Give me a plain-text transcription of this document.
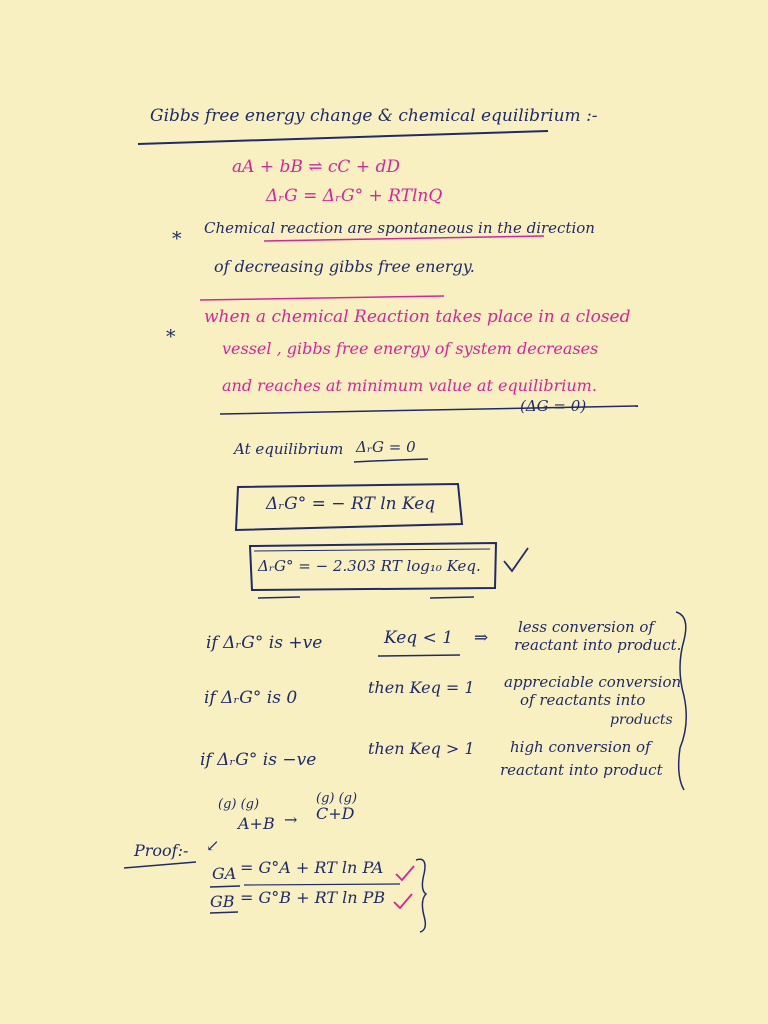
Gibbs free energy change & chemical equilibrium :-
aA + bB ⇌ cC + dD
ΔᵣG = ΔᵣG° + RTlnQ
* Chemical reaction are spontaneous in the direction
of decreasing gibbs free energy.
*
when a chemical Reaction takes place in a closed
vessel , gibbs free energy of system decreases
and reaches at minimum value at equilibrium.
(ΔG = 0)
At equilibrium ΔᵣG = 0
ΔᵣG° = − RT ln Keq
ΔᵣG° = − 2.303 RT log₁₀ Keq.
if ΔᵣG° is +ve	Keq < 1 ⇒
less conversion of
reactant into product.
if ΔᵣG° is 0
then Keq = 1 appreciable conversion
of reactants into
products
if ΔᵣG° is −ve
then Keq > 1 high conversion of
reactant into product
(g) (g)
A+B →
(g) (g)
C+D
Proof:- ↙
GA = G°A + RT ln PA
GB = G°B + RT ln PB
